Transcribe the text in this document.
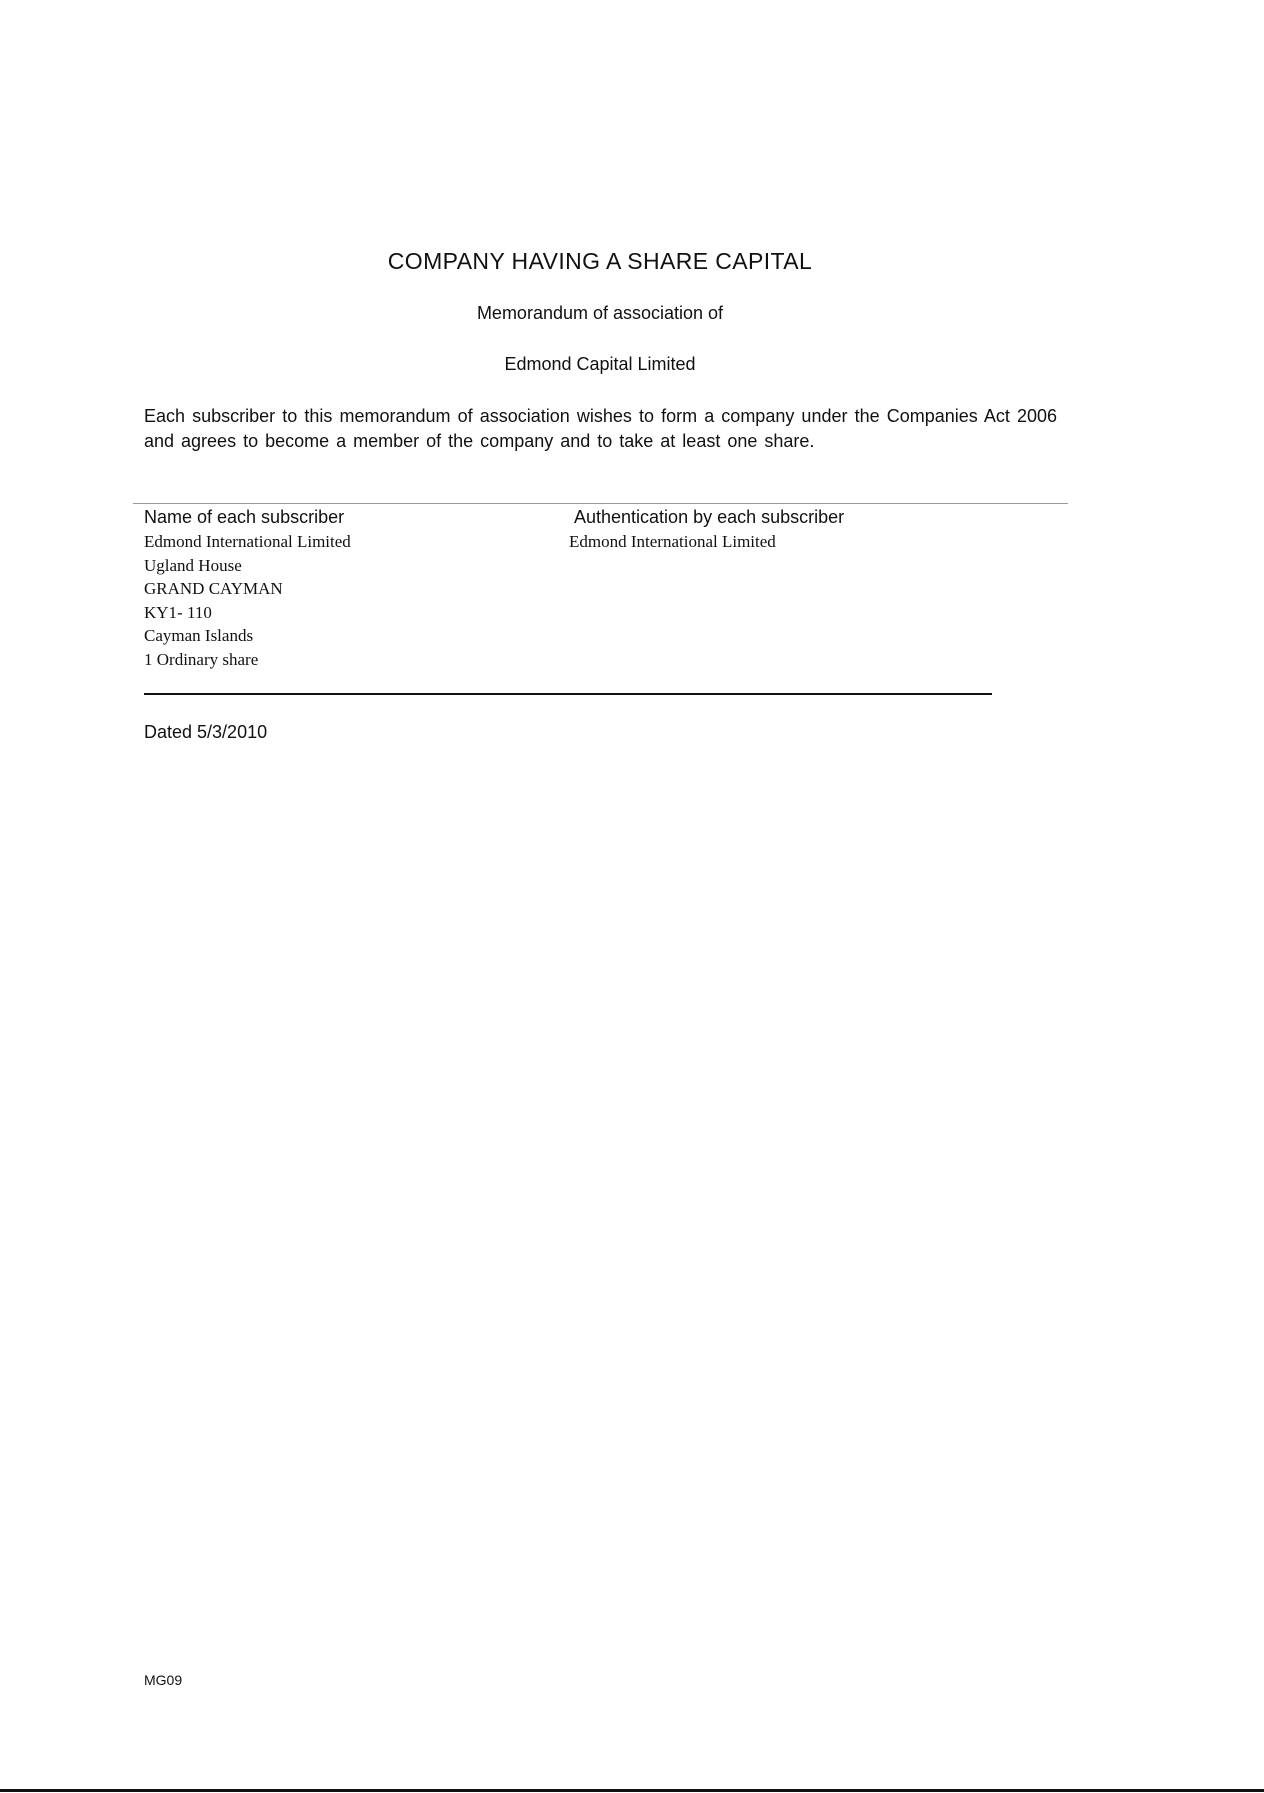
COMPANY HAVING A SHARE CAPITAL
Memorandum of association of
Edmond Capital Limited
Each subscriber to this memorandum of association wishes to form a company under the Companies Act 2006 and agrees to become a member of the company and to take at least one share.
Name of each subscriber	Authentication by each subscriber
Edmond International Limited
Ugland House
GRAND CAYMAN
KY1- 110
Cayman Islands
1 Ordinary share
Edmond International Limited
Dated 5/3/2010
MG09
